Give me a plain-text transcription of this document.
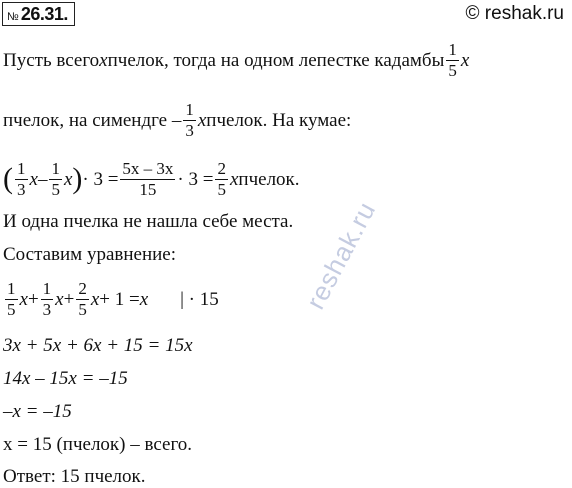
№ 26.31.	© reshak.ru
Пусть всего x пчелок, тогда на одном лепестке кадамбы $\frac{1}{5}$ x
пчелок, на симендге – $\frac{1}{3}$ x пчелок. На кумае:
( $\frac{1}{3}$ x – $\frac{1}{5}$ x ) · $3 = \frac{5x - 3x}{15} \cdot 3 = \frac{2}{5}$ x пчелок.
И одна пчелка не нашла себе места.
Составим уравнение:
$\frac{1}{5}$ $x + \frac{1}{3}$ $x + \frac{2}{5}$ x + 1 = x | · 15
3x + 5x + 6x + 15 = 15x
14x – 15x = –15
–x = –15
x = 15 (пчелок) – всего.
Ответ: 15 пчелок.
reshak.ru
